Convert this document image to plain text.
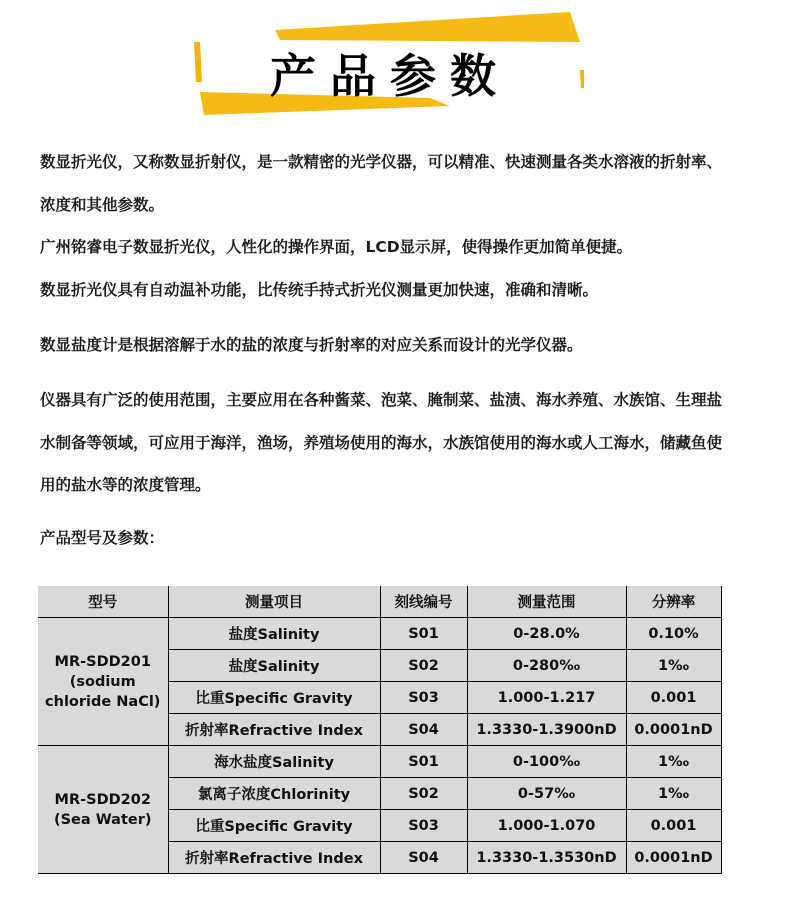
产品参数
数显折光仪，又称数显折射仪，是一款精密的光学仪器，可以精准、快速测量各类水溶液的折射率、
浓度和其他参数。
广州铭睿电子数显折光仪，人性化的操作界面，LCD显示屏，使得操作更加简单便捷。
数显折光仪具有自动温补功能，比传统手持式折光仪测量更加快速，准确和清晰。
数显盐度计是根据溶解于水的盐的浓度与折射率的对应关系而设计的光学仪器。
仪器具有广泛的使用范围，主要应用在各种酱菜、泡菜、腌制菜、盐渍、海水养殖、水族馆、生理盐
水制备等领域，可应用于海洋，渔场，养殖场使用的海水，水族馆使用的海水或人工海水，储藏鱼使
用的盐水等的浓度管理。
产品型号及参数：
型号	测量项目	刻线编号	测量范围	分辨率

MR-SDD201
(sodium
chloride NaCl)	盐度Salinity	S01	0-28.0%	0.10%
	盐度Salinity	S02	0-280‰	1‰
	比重Specific Gravity	S03	1.000-1.217	0.001
	折射率Refractive Index	S04	1.3330-1.3900nD	0.0001nD

MR-SDD202
(Sea Water)	海水盐度Salinity	S01	0-100‰	1‰
	氯离子浓度Chlorinity	S02	0-57‰	1‰
	比重Specific Gravity	S03	1.000-1.070	0.001
	折射率Refractive Index	S04	1.3330-1.3530nD	0.0001nD
